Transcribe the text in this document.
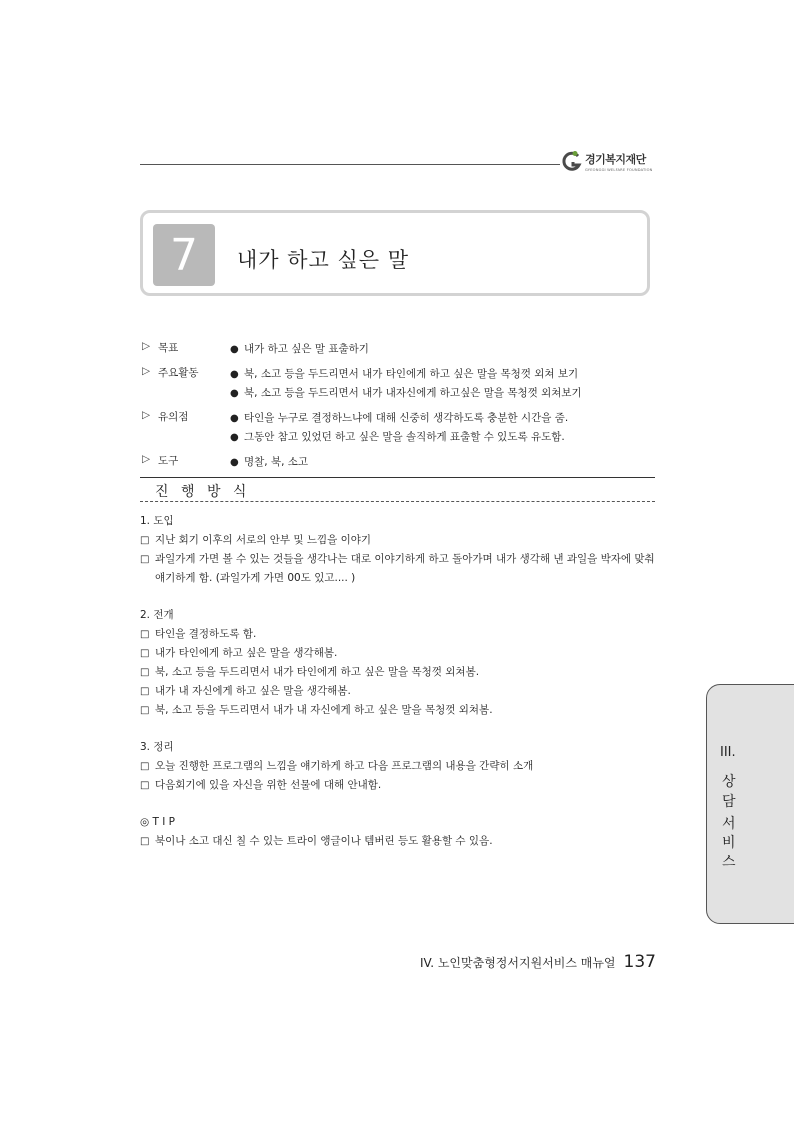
경기복지재단
GYEONGGI WELFARE FOUNDATION
7	내가 하고 싶은 말
▷ 목표	● 내가 하고 싶은 말 표출하기
▷ 주요활동	● 북, 소고 등을 두드리면서 내가 타인에게 하고 싶은 말을 목청껏 외쳐 보기
● 북, 소고 등을 두드리면서 내가 내자신에게 하고싶은 말을 목청껏 외쳐보기
▷ 유의점	● 타인을 누구로 결정하느냐에 대해 신중히 생각하도록 충분한 시간을 줌.
● 그동안 참고 있었던 하고 싶은 말을 솔직하게 표출할 수 있도록 유도함.
▷ 도구	● 명찰, 북, 소고
진 행 방 식
1. 도입
□ 지난 회기 이후의 서로의 안부 및 느낌을 이야기
□ 과일가게 가면 볼 수 있는 것들을 생각나는 대로 이야기하게 하고 돌아가며 내가 생각해 낸 과일을 박자에 맞춰 얘기하게 함. (과일가게 가면 00도 있고.... )
2. 전개
□ 타인을 결정하도록 함.
□ 내가 타인에게 하고 싶은 말을 생각해봄.
□ 북, 소고 등을 두드리면서 내가 타인에게 하고 싶은 말을 목청껏 외쳐봄.
□ 내가 내 자신에게 하고 싶은 말을 생각해봄.
□ 북, 소고 등을 두드리면서 내가 내 자신에게 하고 싶은 말을 목청껏 외쳐봄.
3. 정리
□ 오늘 진행한 프로그램의 느낌을 얘기하게 하고 다음 프로그램의 내용을 간략히 소개
□ 다음회기에 있을 자신을 위한 선물에 대해 안내함.
◎ T I P
□ 북이나 소고 대신 칠 수 있는 트라이 앵글이나 템버린 등도 활용할 수 있음.
III.
상
담
서
비
스
IV. 노인맞춤형정서지원서비스 매뉴얼 137
